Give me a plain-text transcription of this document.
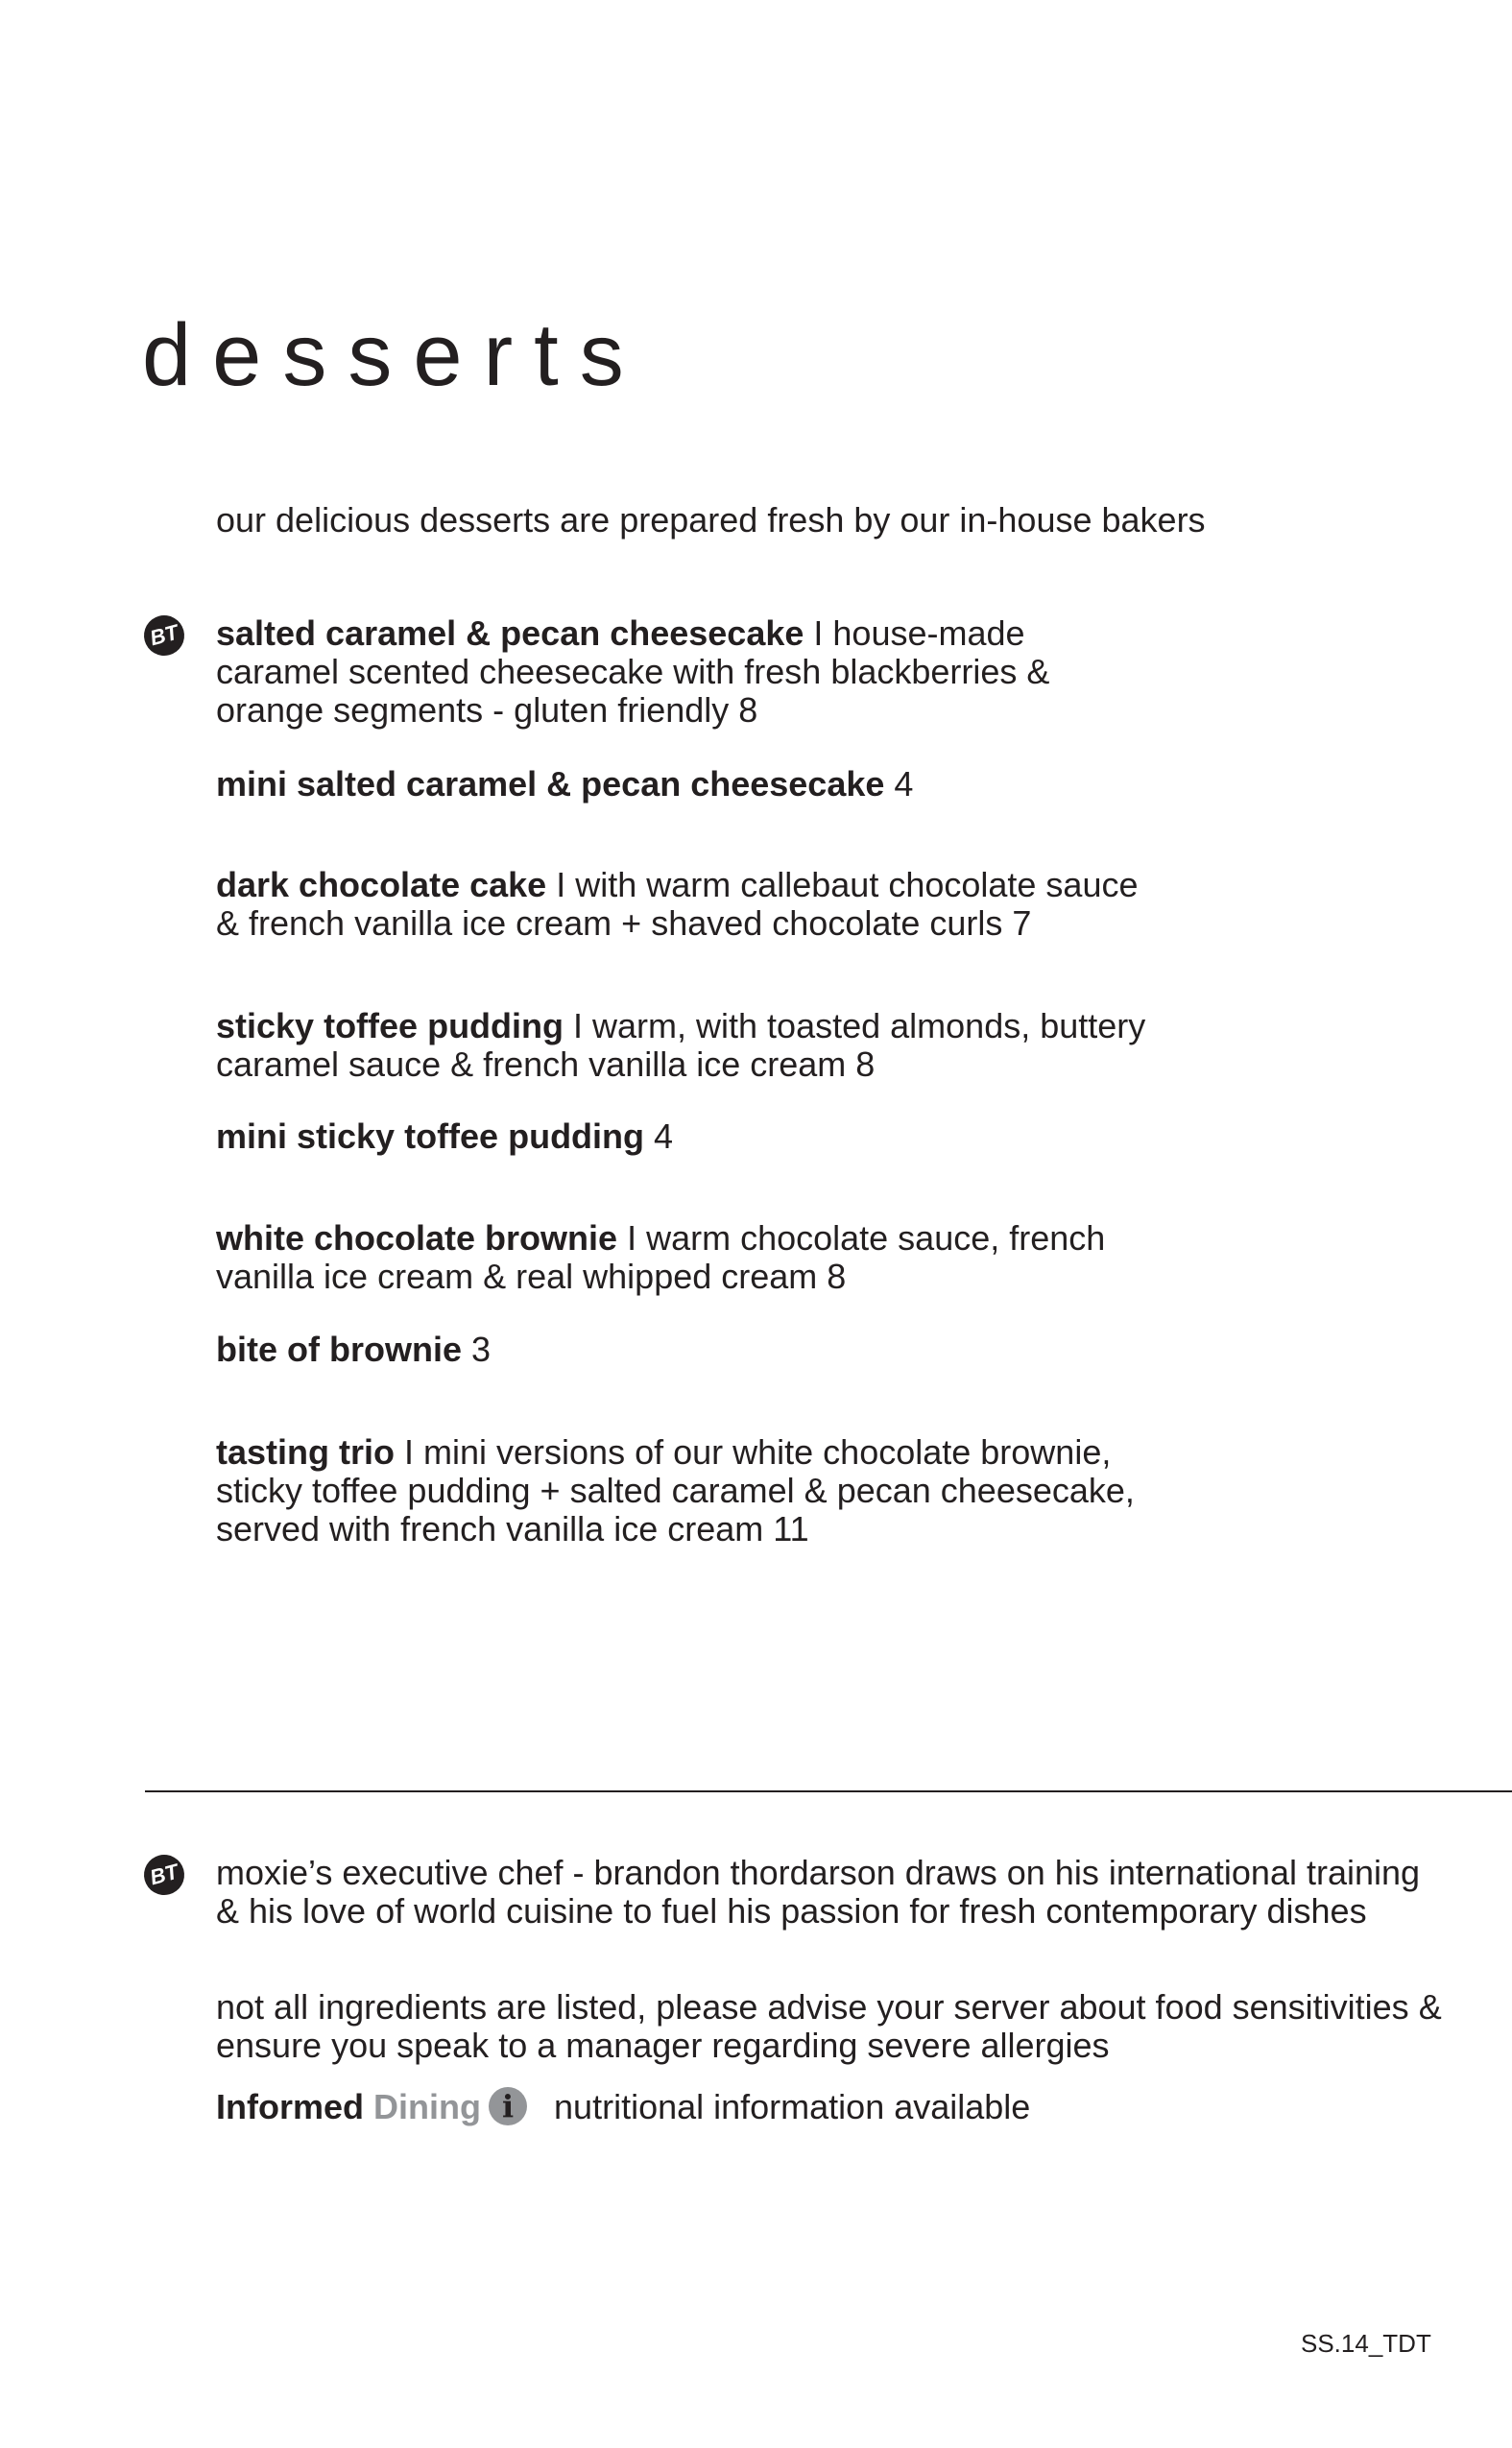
desserts
our delicious desserts are prepared fresh by our in-house bakers
BT salted caramel & pecan cheesecake I house-made
caramel scented cheesecake with fresh blackberries &
orange segments - gluten friendly 8
mini salted caramel & pecan cheesecake 4
dark chocolate cake I with warm callebaut chocolate sauce
& french vanilla ice cream + shaved chocolate curls 7
sticky toffee pudding I warm, with toasted almonds, buttery
caramel sauce & french vanilla ice cream 8
mini sticky toffee pudding 4
white chocolate brownie I warm chocolate sauce, french
vanilla ice cream & real whipped cream 8
bite of brownie 3
tasting trio I mini versions of our white chocolate brownie,
sticky toffee pudding + salted caramel & pecan cheesecake,
served with french vanilla ice cream 11
BT moxie’s executive chef - brandon thordarson draws on his international training
& his love of world cuisine to fuel his passion for fresh contemporary dishes
not all ingredients are listed, please advise your server about food sensitivities &
ensure you speak to a manager regarding severe allergies
Informed Dining i nutritional information available
SS.14_TDT
